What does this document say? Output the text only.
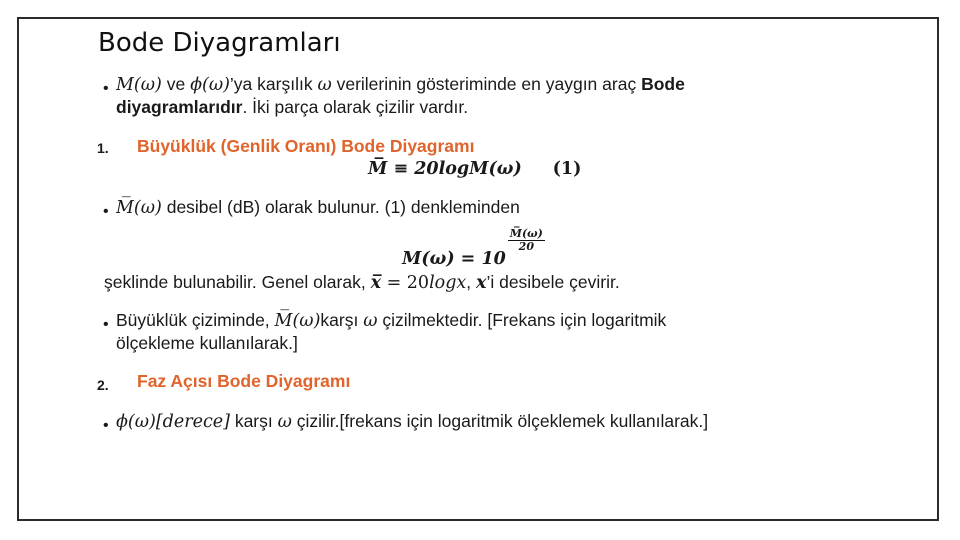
Bode Diyagramları
• M(ω) ve ϕ(ω)’ya karşılık ω verilerinin gösteriminde en yaygın araç Bode
diyagramlarıdır. İki parça olarak çizilir vardır.
1. Büyüklük (Genlik Oranı) Bode Diyagramı
M̅ ≡ 20logM(ω) (1)
• M̅(ω) desibel (dB) olarak bulunur. (1) denkleminden
M(ω) = 10
$\frac{M̅(\omega)}{20}$
şeklinde bulunabilir. Genel olarak, x̅ = 20logx, x’i desibele çevirir.
• Büyüklük çiziminde, M̅(ω)karşı ω çizilmektedir. [Frekans için logaritmik
ölçekleme kullanılarak.]
2. Faz Açısı Bode Diyagramı
• ϕ(ω)[derece] karşı ω çizilir.[frekans için logaritmik ölçeklemek kullanılarak.]
